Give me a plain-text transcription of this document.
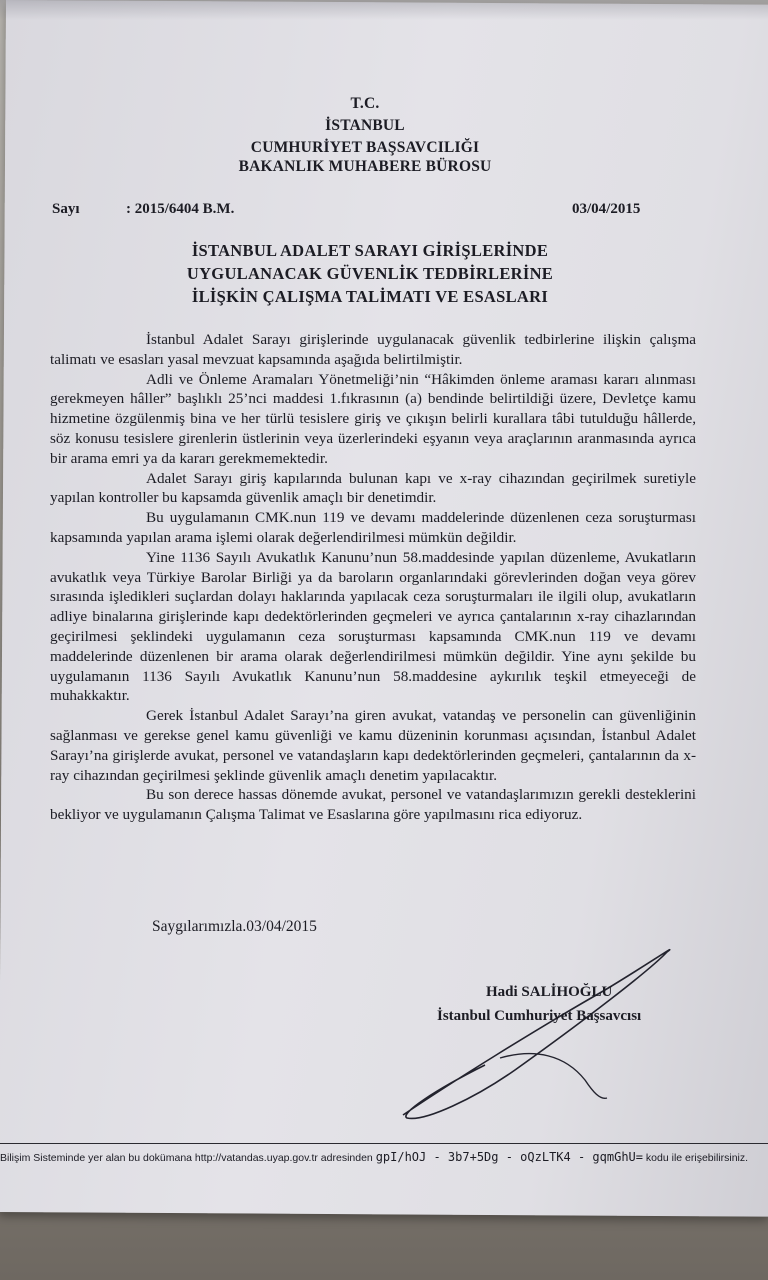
T.C.
İSTANBUL
CUMHURİYET BAŞSAVCILIĞI
BAKANLIK MUHABERE BÜROSU
Sayı	: 2015/6404 B.M.	03/04/2015
İSTANBUL ADALET SARAYI GİRİŞLERİNDE
UYGULANACAK GÜVENLİK TEDBİRLERİNE
İLİŞKİN ÇALIŞMA TALİMATI VE ESASLARI

İstanbul Adalet Sarayı girişlerinde uygulanacak güvenlik tedbirlerine ilişkin çalışma talimatı ve esasları yasal mevzuat kapsamında aşağıda belirtilmiştir.

Adli ve Önleme Aramaları Yönetmeliği’nin “Hâkimden önleme araması kararı alınması gerekmeyen hâller” başlıklı 25’nci maddesi 1.fıkrasının (a) bendinde belirtildiği üzere, Devletçe kamu hizmetine özgülenmiş bina ve her türlü tesislere giriş ve çıkışın belirli kurallara tâbi tutulduğu hâllerde, söz konusu tesislere girenlerin üstlerinin veya üzerlerindeki eşyanın veya araçlarının aranmasında ayrıca bir arama emri ya da kararı gerekmemektedir.

Adalet Sarayı giriş kapılarında bulunan kapı ve x-ray cihazından geçirilmek suretiyle yapılan kontroller bu kapsamda güvenlik amaçlı bir denetimdir.

Bu uygulamanın CMK.nun 119 ve devamı maddelerinde düzenlenen ceza soruşturması kapsamında yapılan arama işlemi olarak değerlendirilmesi mümkün değildir.

Yine 1136 Sayılı Avukatlık Kanunu’nun 58.maddesinde yapılan düzenleme, Avukatların avukatlık veya Türkiye Barolar Birliği ya da baroların organlarındaki görevlerinden doğan veya görev sırasında işledikleri suçlardan dolayı haklarında yapılacak ceza soruşturmaları ile ilgili olup, avukatların adliye binalarına girişlerinde kapı dedektörlerinden geçmeleri ve ayrıca çantalarının x-ray cihazlarından geçirilmesi şeklindeki uygulamanın ceza soruşturması kapsamında CMK.nun 119 ve devamı maddelerinde düzenlenen bir arama olarak değerlendirilmesi mümkün değildir. Yine aynı şekilde bu uygulamanın 1136 Sayılı Avukatlık Kanunu’nun 58.maddesine aykırılık teşkil etmeyeceği de muhakkaktır.

Gerek İstanbul Adalet Sarayı’na giren avukat, vatandaş ve personelin can güvenliğinin sağlanması ve gerekse genel kamu güvenliği ve kamu düzeninin korunması açısından, İstanbul Adalet Sarayı’na girişlerde avukat, personel ve vatandaşların kapı dedektörlerinden geçmeleri, çantalarının da x-ray cihazından geçirilmesi şeklinde güvenlik amaçlı denetim yapılacaktır.

Bu son derece hassas dönemde avukat, personel ve vatandaşlarımızın gerekli desteklerini bekliyor ve uygulamanın Çalışma Talimat ve Esaslarına göre yapılmasını rica ediyoruz.

Saygılarımızla.03/04/2015
Hadi SALİHOĞLU
İstanbul Cumhuriyet Başsavcısı
Bilişim Sisteminde yer alan bu dokümana http://vatandas.uyap.gov.tr adresinden gpI/hOJ - 3b7+5Dg - oQzLTK4 - gqmGhU= kodu ile erişebilirsiniz.
